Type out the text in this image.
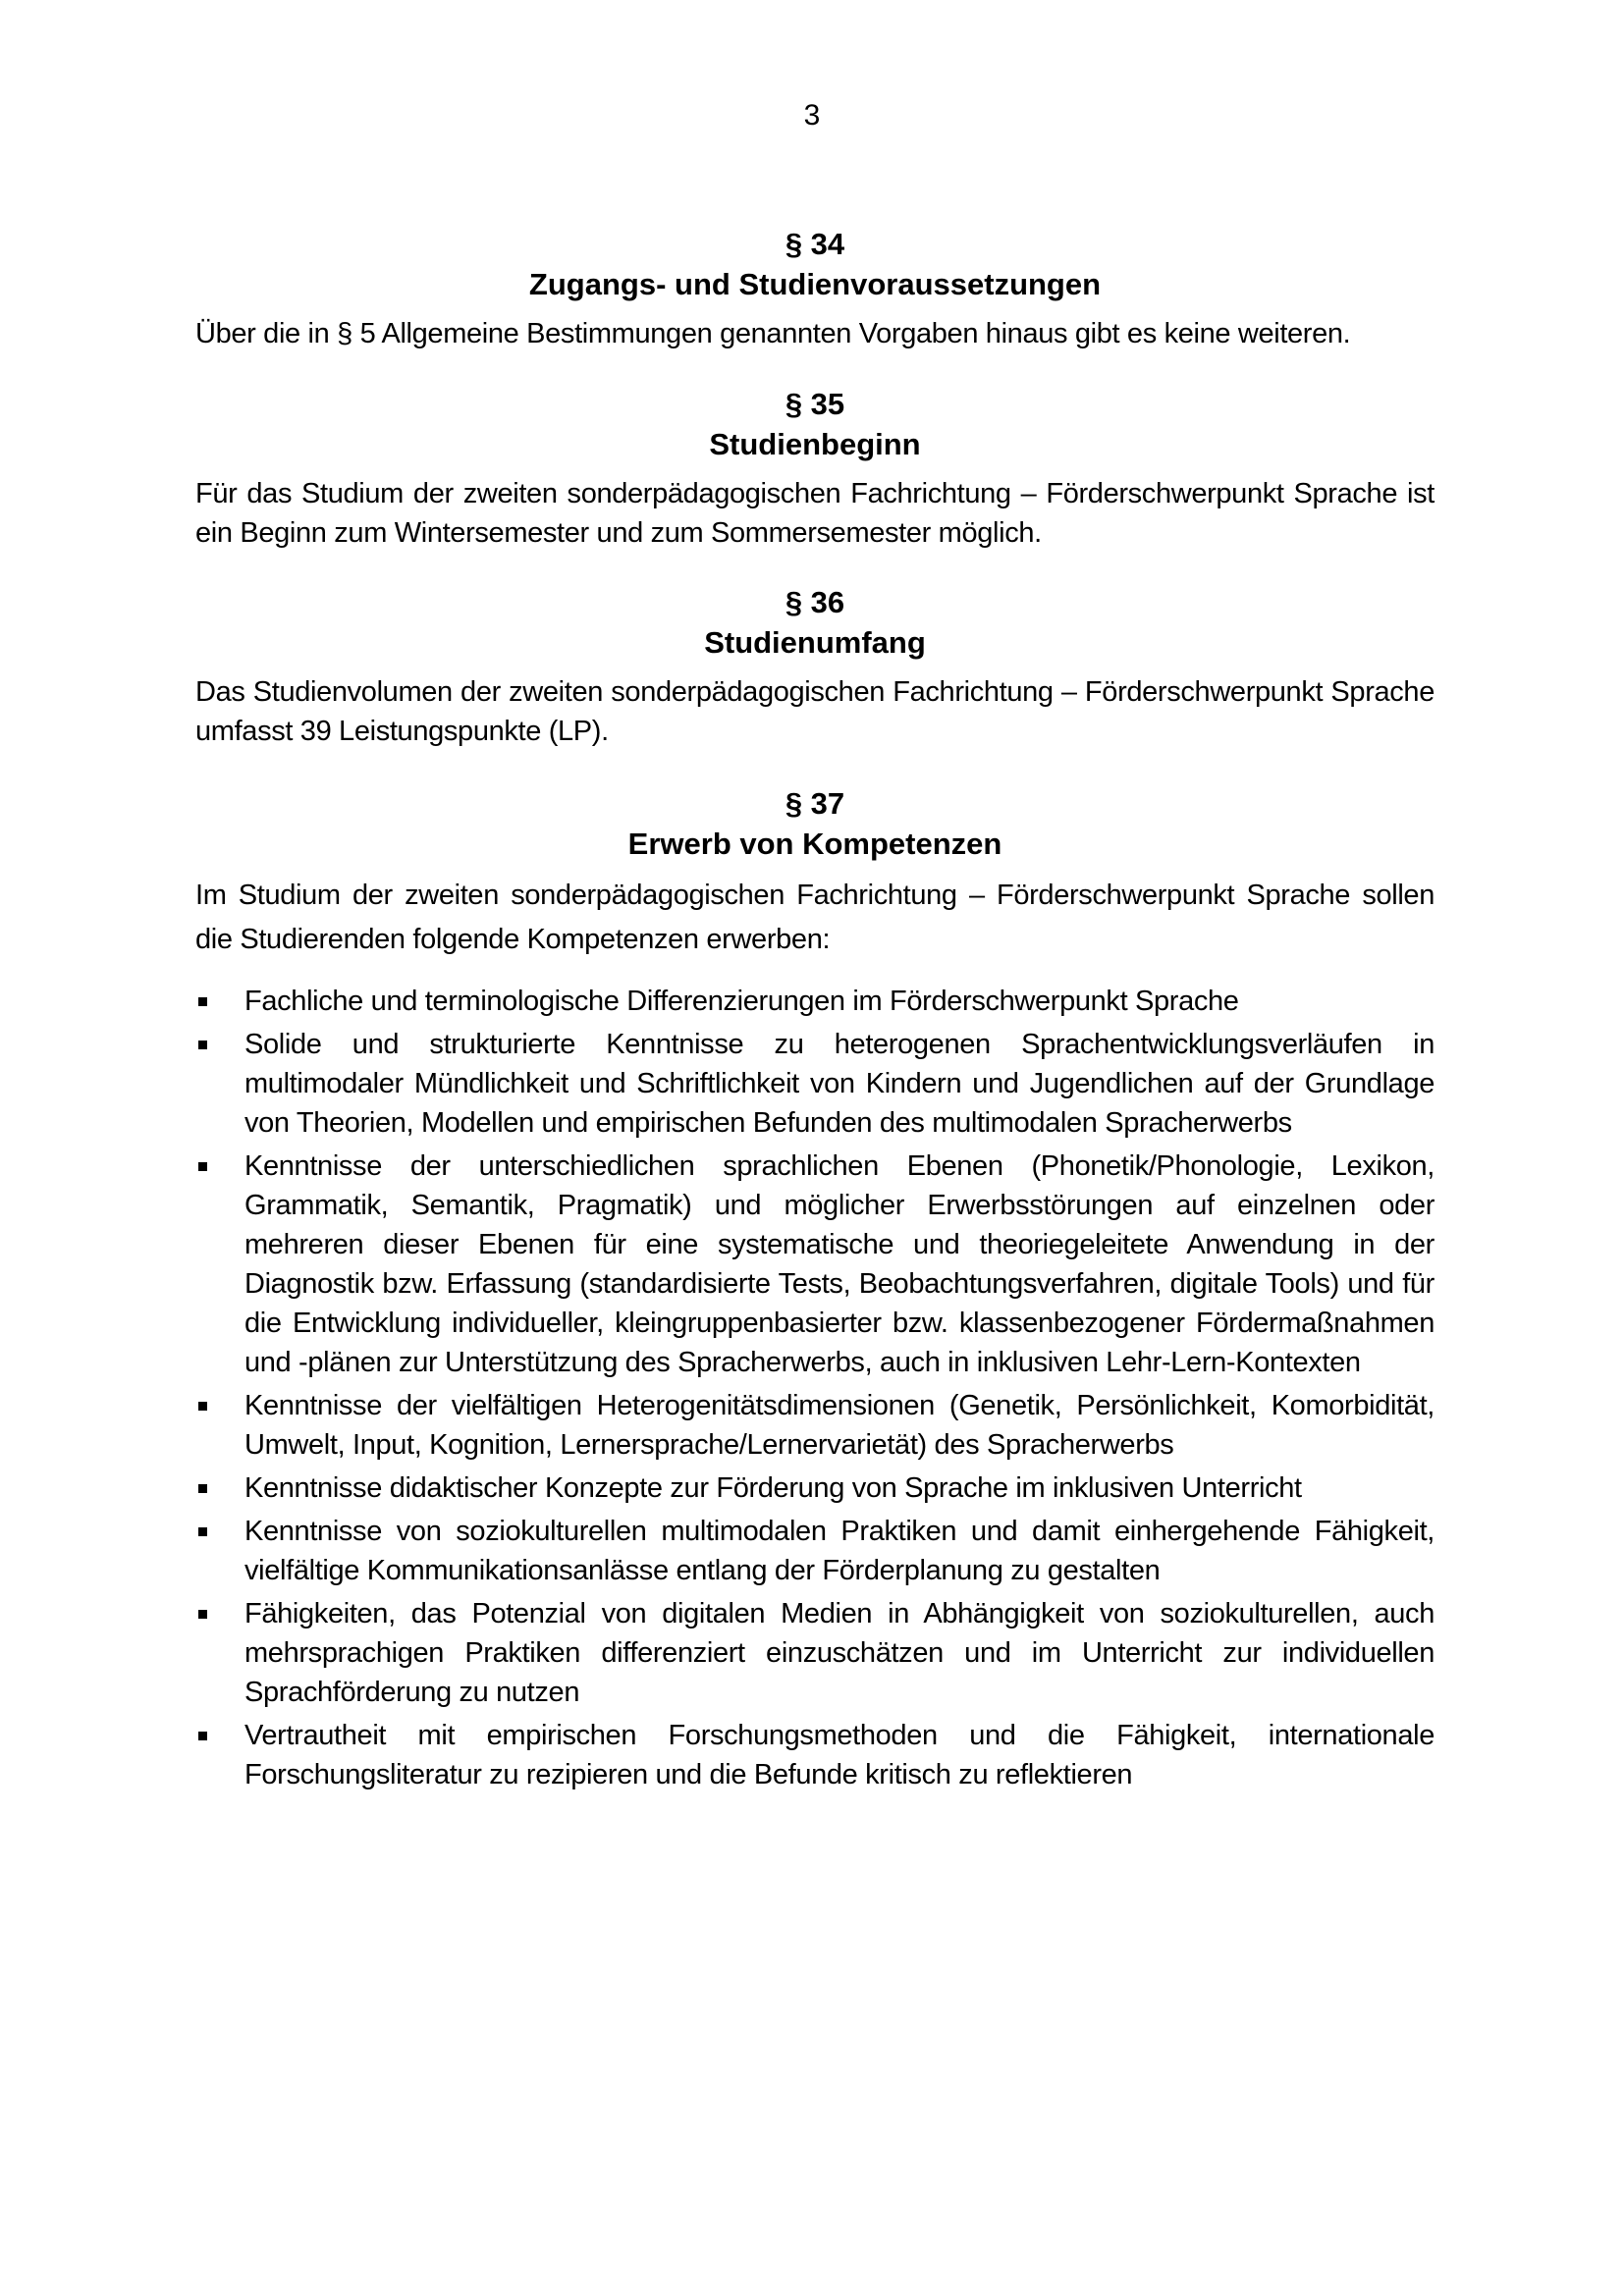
3

§ 34

Zugangs- und Studienvoraussetzungen

Über die in § 5 Allgemeine Bestimmungen genannten Vorgaben hinaus gibt es keine weiteren.

§ 35

Studienbeginn

Für das Studium der zweiten sonderpädagogischen Fachrichtung – Förderschwerpunkt Sprache ist ein Beginn zum Wintersemester und zum Sommersemester möglich.

§ 36

Studienumfang

Das Studienvolumen der zweiten sonderpädagogischen Fachrichtung – Förderschwerpunkt Sprache umfasst 39 Leistungspunkte (LP).

§ 37

Erwerb von Kompetenzen

Im Studium der zweiten sonderpädagogischen Fachrichtung – Förderschwerpunkt Sprache sollen die Studierenden folgende Kompetenzen erwerben:

Fachliche und terminologische Differenzierungen im Förderschwerpunkt Sprache
Solide und strukturierte Kenntnisse zu heterogenen Sprachentwicklungsverläufen in multimodaler Mündlichkeit und Schriftlichkeit von Kindern und Jugendlichen auf der Grundlage von Theorien, Modellen und empirischen Befunden des multimodalen Spracherwerbs
Kenntnisse der unterschiedlichen sprachlichen Ebenen (Phonetik/Phonologie, Lexikon, Grammatik, Semantik, Pragmatik) und möglicher Erwerbsstörungen auf einzelnen oder mehreren dieser Ebenen für eine systematische und theoriegeleitete Anwendung in der Diagnostik bzw. Erfassung (standardisierte Tests, Beobachtungsverfahren, digitale Tools) und für die Entwicklung individueller, kleingruppenbasierter bzw. klassenbezogener Fördermaßnahmen und -plänen zur Unterstützung des Spracherwerbs, auch in inklusiven Lehr-Lern-Kontexten
Kenntnisse der vielfältigen Heterogenitätsdimensionen (Genetik, Persönlichkeit, Komorbidität, Umwelt, Input, Kognition, Lernersprache/Lernervarietät) des Spracherwerbs
Kenntnisse didaktischer Konzepte zur Förderung von Sprache im inklusiven Unterricht
Kenntnisse von soziokulturellen multimodalen Praktiken und damit einhergehende Fähigkeit, vielfältige Kommunikationsanlässe entlang der Förderplanung zu gestalten
Fähigkeiten, das Potenzial von digitalen Medien in Abhängigkeit von soziokulturellen, auch mehrsprachigen Praktiken differenziert einzuschätzen und im Unterricht zur individuellen Sprachförderung zu nutzen
Vertrautheit mit empirischen Forschungsmethoden und die Fähigkeit, internationale Forschungsliteratur zu rezipieren und die Befunde kritisch zu reflektieren
